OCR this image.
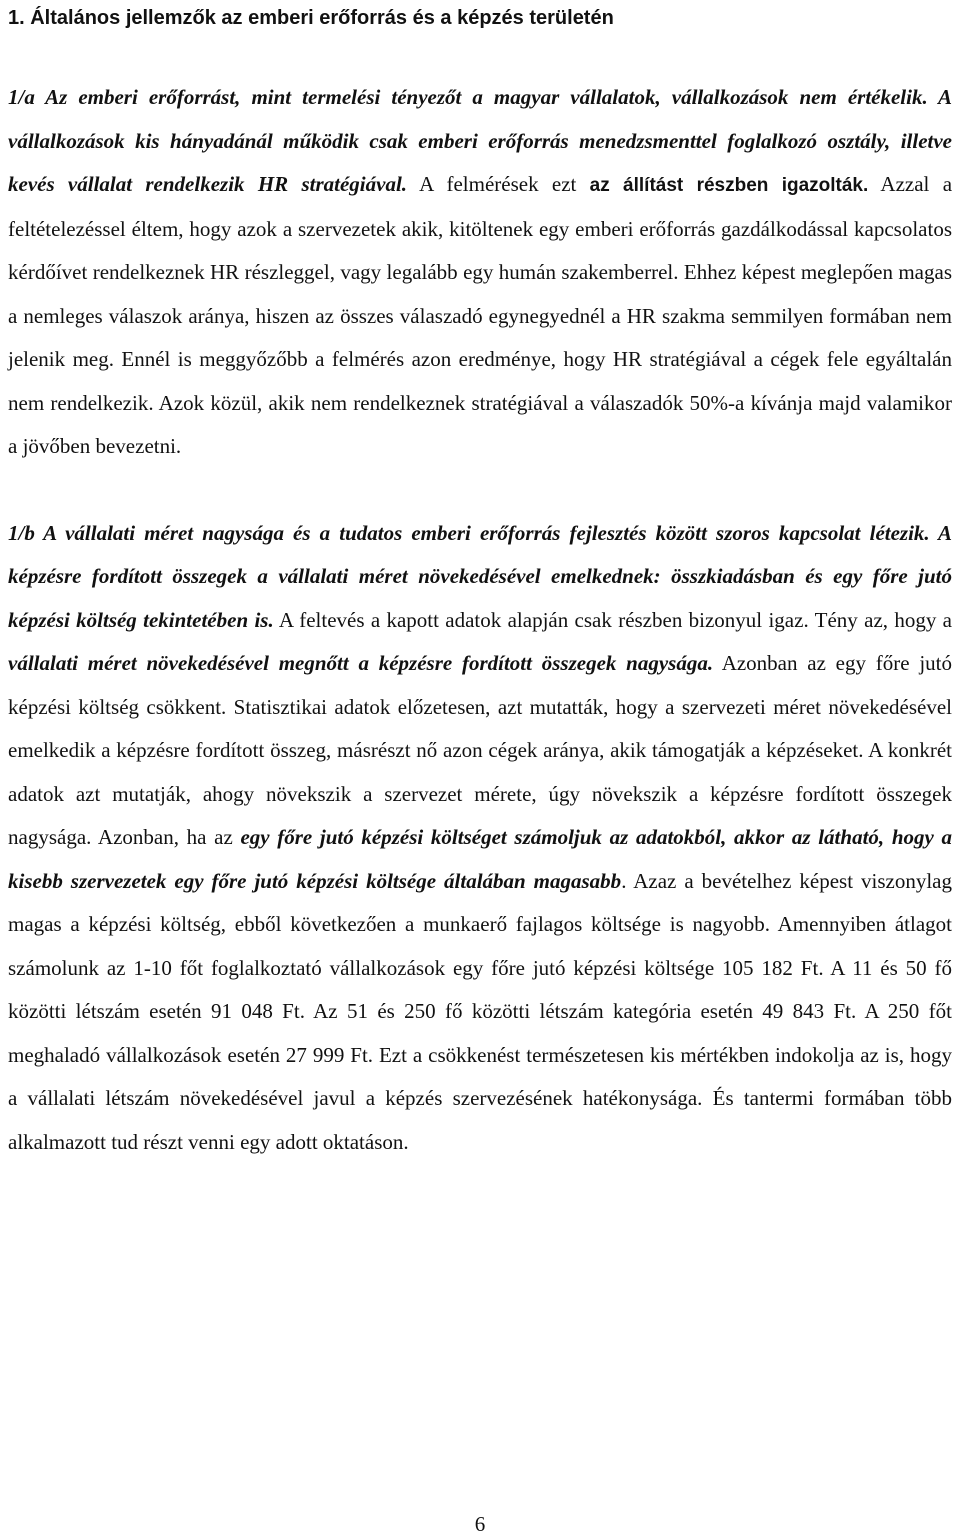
1. Általános jellemzők az emberi erőforrás és a képzés területén

1/a Az emberi erőforrást, mint termelési tényezőt a magyar vállalatok, vállalkozások nem értékelik. A vállalkozások kis hányadánál működik csak emberi erőforrás menedzsmenttel foglalkozó osztály, illetve kevés vállalat rendelkezik HR stratégiával. A felmérések ezt az állítást részben igazolták. Azzal a feltételezéssel éltem, hogy azok a szervezetek akik, kitöltenek egy emberi erőforrás gazdálkodással kapcsolatos kérdőívet rendelkeznek HR részleggel, vagy legalább egy humán szakemberrel. Ehhez képest meglepően magas a nemleges válaszok aránya, hiszen az összes válaszadó egynegyednél a HR szakma semmilyen formában nem jelenik meg. Ennél is meggyőzőbb a felmérés azon eredménye, hogy HR stratégiával a cégek fele egyáltalán nem rendelkezik. Azok közül, akik nem rendelkeznek stratégiával a válaszadók 50%-a kívánja majd valamikor a jövőben bevezetni.

1/b A vállalati méret nagysága és a tudatos emberi erőforrás fejlesztés között szoros kapcsolat létezik. A képzésre fordított összegek a vállalati méret növekedésével emelkednek: összkiadásban és egy főre jutó képzési költség tekintetében is. A feltevés a kapott adatok alapján csak részben bizonyul igaz. Tény az, hogy a vállalati méret növekedésével megnőtt a képzésre fordított összegek nagysága. Azonban az egy főre jutó képzési költség csökkent. Statisztikai adatok előzetesen, azt mutatták, hogy a szervezeti méret növekedésével emelkedik a képzésre fordított összeg, másrészt nő azon cégek aránya, akik támogatják a képzéseket. A konkrét adatok azt mutatják, ahogy növekszik a szervezet mérete, úgy növekszik a képzésre fordított összegek nagysága. Azonban, ha az egy főre jutó képzési költséget számoljuk az adatokból, akkor az látható, hogy a kisebb szervezetek egy főre jutó képzési költsége általában magasabb. Azaz a bevételhez képest viszonylag magas a képzési költség, ebből következően a munkaerő fajlagos költsége is nagyobb. Amennyiben átlagot számolunk az 1-10 főt foglalkoztató vállalkozások egy főre jutó képzési költsége 105 182 Ft. A 11 és 50 fő közötti létszám esetén 91 048 Ft. Az 51 és 250 fő közötti létszám kategória esetén 49 843 Ft. A 250 főt meghaladó vállalkozások esetén 27 999 Ft. Ezt a csökkenést természetesen kis mértékben indokolja az is, hogy a vállalati létszám növekedésével javul a képzés szervezésének hatékonysága. És tantermi formában több alkalmazott tud részt venni egy adott oktatáson.

6
